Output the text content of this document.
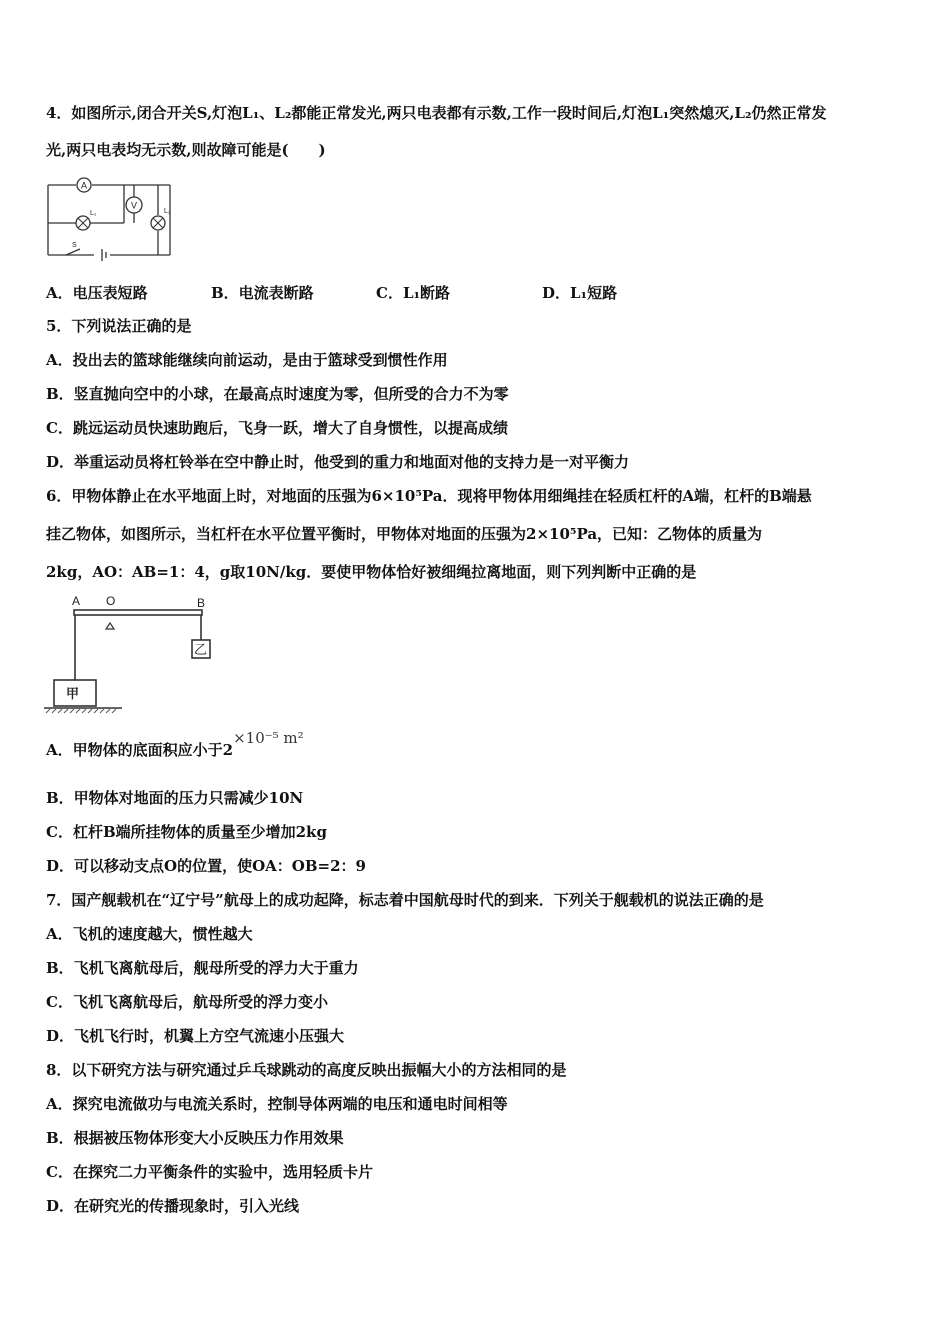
4．如图所示,闭合开关S,灯泡L₁、L₂都能正常发光,两只电表都有示数,工作一段时间后,灯泡L₁突然熄灭,L₂仍然正常发
光,两只电表均无示数,则故障可能是(　　)
A
V
L₁	L₂
S
A．电压表短路	B．电流表断路	C．L₁断路	D．L₁短路
5．下列说法正确的是
A．投出去的篮球能继续向前运动，是由于篮球受到惯性作用
B．竖直抛向空中的小球，在最高点时速度为零，但所受的合力不为零
C．跳远运动员快速助跑后，飞身一跃，增大了自身惯性，以提高成绩
D．举重运动员将杠铃举在空中静止时，他受到的重力和地面对他的支持力是一对平衡力
6．甲物体静止在水平地面上时，对地面的压强为6×10⁵Pa．现将甲物体用细绳挂在轻质杠杆的A端，杠杆的B端悬
挂乙物体，如图所示，当杠杆在水平位置平衡时，甲物体对地面的压强为2×10⁵Pa，已知：乙物体的质量为
2kg，AO：AB=1：4，g取10N/kg．要使甲物体恰好被细绳拉离地面，则下列判断中正确的是
A O	B
甲
乙
A．甲物体的底面积应小于2×10⁻⁵ m²
B．甲物体对地面的压力只需减少10N
C．杠杆B端所挂物体的质量至少增加2kg
D．可以移动支点O的位置，使OA：OB=2：9
7．国产舰载机在“辽宁号”航母上的成功起降，标志着中国航母时代的到来．下列关于舰载机的说法正确的是
A．飞机的速度越大，惯性越大
B．飞机飞离航母后，舰母所受的浮力大于重力
C．飞机飞离航母后，航母所受的浮力变小
D．飞机飞行时，机翼上方空气流速小压强大
8．以下研究方法与研究通过乒乓球跳动的高度反映出振幅大小的方法相同的是
A．探究电流做功与电流关系时，控制导体两端的电压和通电时间相等
B．根据被压物体形变大小反映压力作用效果
C．在探究二力平衡条件的实验中，选用轻质卡片
D．在研究光的传播现象时，引入光线
